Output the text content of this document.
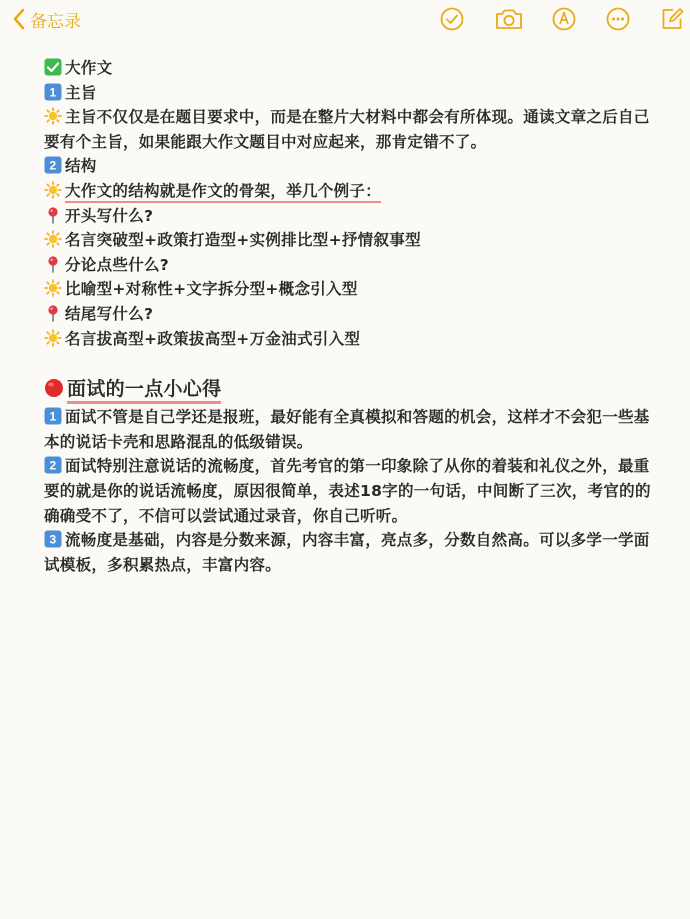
备忘录
大作文
1 主旨
主旨不仅仅是在题目要求中，而是在整片大材料中都会有所体现。通读文章之后自己要有个主旨，如果能跟大作文题目中对应起来，那肯定错不了。
2 结构
大作文的结构就是作文的骨架，举几个例子：
开头写什么?
名言突破型+政策打造型+实例排比型+抒情叙事型
分论点些什么?
比喻型+对称性+文字拆分型+概念引入型
结尾写什么?
名言拔高型+政策拔高型+万金油式引入型
面试的一点小心得
1 面试不管是自己学还是报班，最好能有全真模拟和答题的机会，这样才不会犯一些基本的说话卡壳和思路混乱的低级错误。
2 面试特别注意说话的流畅度，首先考官的第一印象除了从你的着装和礼仪之外，最重要的就是你的说话流畅度，原因很简单，表述18字的一句话，中间断了三次，考官的的确确受不了，不信可以尝试通过录音，你自己听听。
3 流畅度是基础，内容是分数来源，内容丰富，亮点多，分数自然高。可以多学一学面试模板，多积累热点，丰富内容。
